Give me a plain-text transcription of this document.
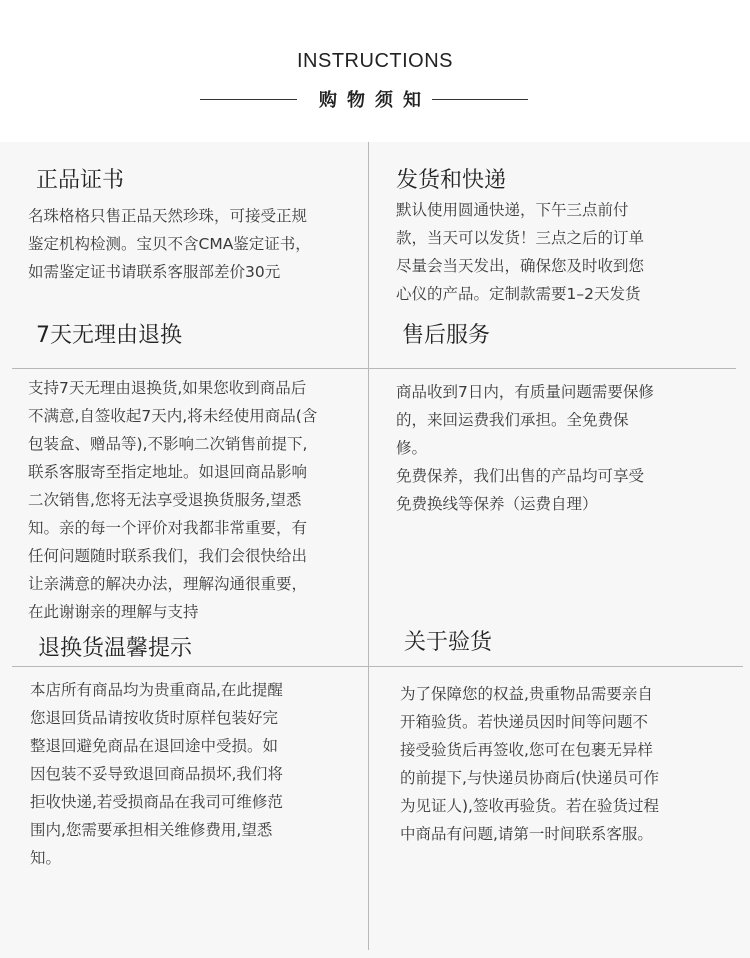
INSTRUCTIONS
购物须知
正品证书
名珠格格只售正品天然珍珠，可接受正规
鉴定机构检测。宝贝不含CMA鉴定证书，
如需鉴定证书请联系客服部差价30元
发货和快递
默认使用圆通快递，下午三点前付
款，当天可以发货！三点之后的订单
尽量会当天发出，确保您及时收到您
心仪的产品。定制款需要1–2天发货
7天无理由退换
支持7天无理由退换货,如果您收到商品后
不满意,自签收起7天内,将未经使用商品(含
包装盒、赠品等),不影响二次销售前提下,
联系客服寄至指定地址。如退回商品影响
二次销售,您将无法享受退换货服务,望悉
知。亲的每一个评价对我都非常重要，有
任何问题随时联系我们，我们会很快给出
让亲满意的解决办法，理解沟通很重要，
在此谢谢亲的理解与支持
售后服务
商品收到7日内，有质量问题需要保修
的，来回运费我们承担。全免费保
修。
免费保养，我们出售的产品均可享受
免费换线等保养（运费自理）
退换货温馨提示
本店所有商品均为贵重商品,在此提醒
您退回货品请按收货时原样包装好完
整退回避免商品在退回途中受损。如
因包装不妥导致退回商品损坏,我们将
拒收快递,若受损商品在我司可维修范
围内,您需要承担相关维修费用,望悉
知。
关于验货
为了保障您的权益,贵重物品需要亲自
开箱验货。若快递员因时间等问题不
接受验货后再签收,您可在包裹无异样
的前提下,与快递员协商后(快递员可作
为见证人),签收再验货。若在验货过程
中商品有问题,请第一时间联系客服。
